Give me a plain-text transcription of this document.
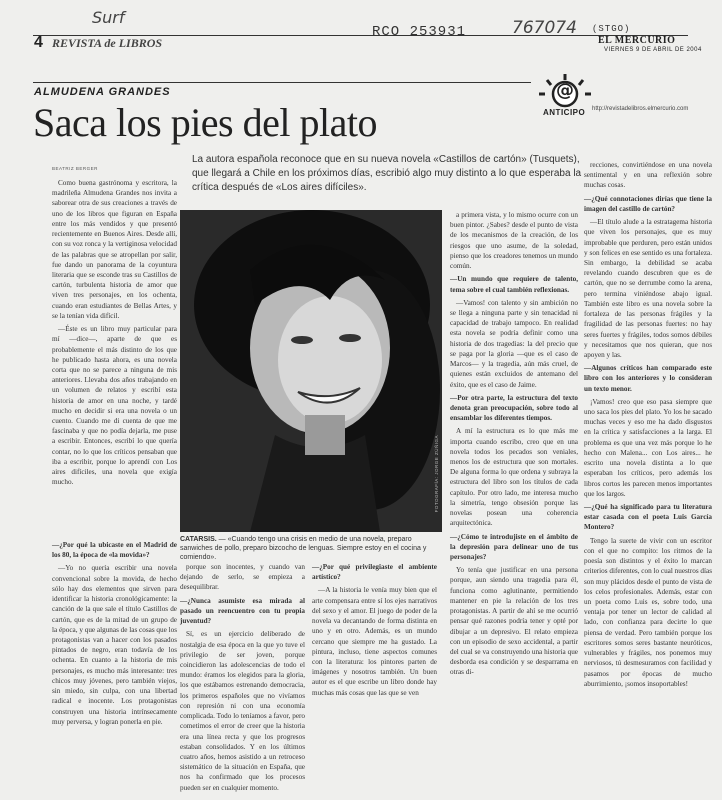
Surf
767074
RCO 253931	(STGO)
4 REVISTA de LIBROS	EL MERCURIO
VIERNES 9 DE ABRIL DE 2004
ALMUDENA GRANDES
Saca los pies del plato
@
ANTICIPO http://revistadelibros.elmercurio.com
BEATRIZ BERGER
La autora española reconoce que en su nueva novela «Castillos de cartón» (Tusquets), que llegará a Chile en los próximos días, escribió algo muy distinto a lo que esperaba la crítica después de «Los aires difíciles».

Como buena gastrónoma y escritora, la madrileña Almudena Grandes nos invita a saborear otra de sus creaciones a través de uno de los libros que figuran en España entre los más vendidos y que presentó recientemente en Buenos Aires. Desde allí, con su voz ronca y la vertiginosa velocidad de las palabras que se atropellan por salir, fue dando un panorama de la coyuntura literaria que se esconde tras su Castillos de cartón, turbulenta historia de amor que viven tres personajes, en los ochenta, cuando eran estudiantes de Bellas Artes, y se la tenían vida difícil.

—Éste es un libro muy particular para mí —dice—, aparte de que es probablemente el más distinto de los que he publicado hasta ahora, es una novela corta que no se parece a ninguna de mis anteriores. Llevaba dos años trabajando en un volumen de relatos y escribí esta historia de amor en una noche, y tardé mucho en decidir si era una novela o un cuento. Cuando me di cuenta de que me fascinaba y que no podía dejarla, me puse a escribir. Entonces, escribí lo que quería contar, no lo que los críticos pensaban que iba a escribir, porque lo aprendí con Los aires difíciles, una novela que exigía mucho.

—¿Por qué la ubicaste en el Madrid de los 80, la época de «la movida»?

—Yo no quería escribir una novela convencional sobre la movida, de hecho sólo hay dos elementos que sirven para identificar la historia cronológicamente: la canción de la que sale el título Castillos de cartón, que es de la mitad de un grupo de la época, y que algunas de las cosas que los protagonistas van a hacer con los pasados pintados de negro, eran todavía de los ochenta. En cuanto a la historia de mis personajes, es mucho más interesante: tres chicos muy jóvenes, pero también viejos, sin miedo, sin culpa, con una libertad radical e inocente. Los protagonistas construyen una historia intrínsecamente muy perversa, y logran ponerla en pie.

FOTOGRAFÍA: JORGE ZÚÑIGA
CATARSIS. — «Cuando tengo una crisis en medio de una novela, preparo sanwiches de pollo, preparo bizcocho de lenguas. Siempre estoy en el cocina y comiendo».

porque son inocentes, y cuando van dejando de serlo, se empieza a desequilibrar.

—¿Nunca asumiste esa mirada al pasado un reencuentro con tu propia juventud?

Sí, es un ejercicio deliberado de nostalgia de esa época en la que yo tuve el privilegio de ser joven, porque coincidieron las adolescencias de todo el mundo: éramos los elegidos para la gloria, los que estábamos estrenando democracia, los primeros españoles que no vivíamos con represión ni con una economía complicada. Todo lo teníamos a favor, pero cometimos el error de creer que la historia era una línea recta y que los progresos estaban consolidados. Y en los últimos cuatro años, hemos asistido a un retroceso sistemático de la situación en España, que nos ha confirmado que los procesos pueden ser en cualquier momento.

—¿Por qué privilegiaste el ambiente artístico?

—A la historia le venía muy bien que el arte compensara entre sí los ejes narrativos del sexo y el amor. El juego de poder de la novela va decantando de forma distinta en uno y en otro. Además, es un mundo cercano que siempre me ha gustado. La pintura, incluso, tiene aspectos comunes con la literatura: los pintores parten de imágenes y nosotros también. Un buen autor es el que escribe un libro donde hay muchas más cosas que las que se ven

a primera vista, y lo mismo ocurre con un buen pintor. ¿Sabes? desde el punto de vista de los mecanismos de la creación, de los riesgos que uno asume, de la soledad, pienso que los creadores tenemos un mundo común.

—Un mundo que requiere de talento, tema sobre el cual también reflexionas.

—Vamos! con talento y sin ambición no se llega a ninguna parte y sin tenacidad ni capacidad de trabajo tampoco. En realidad esta novela se podría definir como una historia de dos tragedias: la del precio que se paga por la gloria —que es el caso de Marcos— y la tragedia, aún más cruel, de quienes están excluidos de antemano del éxito, que es el caso de Jaime.

—Por otra parte, la estructura del texto denota gran preocupación, sobre todo al ensamblar los diferentes tiempos.

A mí la estructura es lo que más me importa cuando escribo, creo que en una novela todos los pecados son veniales, menos los de estructura que son mortales. De alguna forma lo que ordena y subraya la estructura del libro son los títulos de cada capítulo. Por otro lado, me interesa mucho la simetría, tengo obsesión porque las novelas posean una coherencia arquitectónica.

—¿Cómo te introdujiste en el ámbito de la depresión para delinear uno de tus personajes?

Yo tenía que justificar en una persona porque, aun siendo una tragedia para él, funciona como aglutinante, permitiendo mantener en pie la relación de los tres protagonistas. A partir de ahí se me ocurrió pensar qué razones podría tener y opté por dibujar a un depresivo. El relato empieza con un episodio de sexo accidental, a partir del cual se va construyendo una historia que desborda esa condición y se desparrama en otras di-

recciones, convirtiéndose en una novela sentimental y en una reflexión sobre muchas cosas.

—¿Qué connotaciones dirías que tiene la imagen del castillo de cartón?

—El título alude a la estratagema historia que viven los personajes, que es muy improbable que perduren, pero están unidos y son felices en ese sentido es una fortaleza. Sin embargo, la debilidad se acaba revelando cuando descubren que es de cartón, que no se derrumbe como la arena, pero termina viniéndose abajo igual. También este libro es una novela sobre la fortaleza de las personas frágiles y la fragilidad de las personas fuertes: no hay seres fuertes y frágiles, todos somos débiles y necesitamos que nos quieran, que nos apoyen y las.

—Algunos críticos han comparado este libro con los anteriores y lo consideran un texto menor.

¡Vamos! creo que eso pasa siempre que uno saca los pies del plato. Yo los he sacado muchas veces y eso me ha dado disgustos en la crítica y satisfacciones a la larga. El problema es que una vez más porque lo he hecho con Malena... con Los aires... he escrito una novela distinta a lo que esperaban los críticos, pero además los libros cortos les parecen menos importantes que los largos.

—¿Qué ha significado para tu literatura estar casada con el poeta Luis García Montero?

Tengo la suerte de vivir con un escritor con el que no compito: los ritmos de la poesía son distintos y el éxito lo marcan criterios diferentes, con lo cual nuestros días son muy plácidos desde el punto de vista de los celos profesionales. Además, estar con un poeta como Luis es, sobre todo, una ventaja por tener un lector de calidad al lado, con confianza para decirte lo que piensa de verdad. Pero también porque los escritores somos seres bastante neuróticos, vulnerables y frágiles, nos ponemos muy nerviosos, tú desmesuramos con facilidad y pasamos por épocas de mucho aburrimiento, ¡somos insoportables!
